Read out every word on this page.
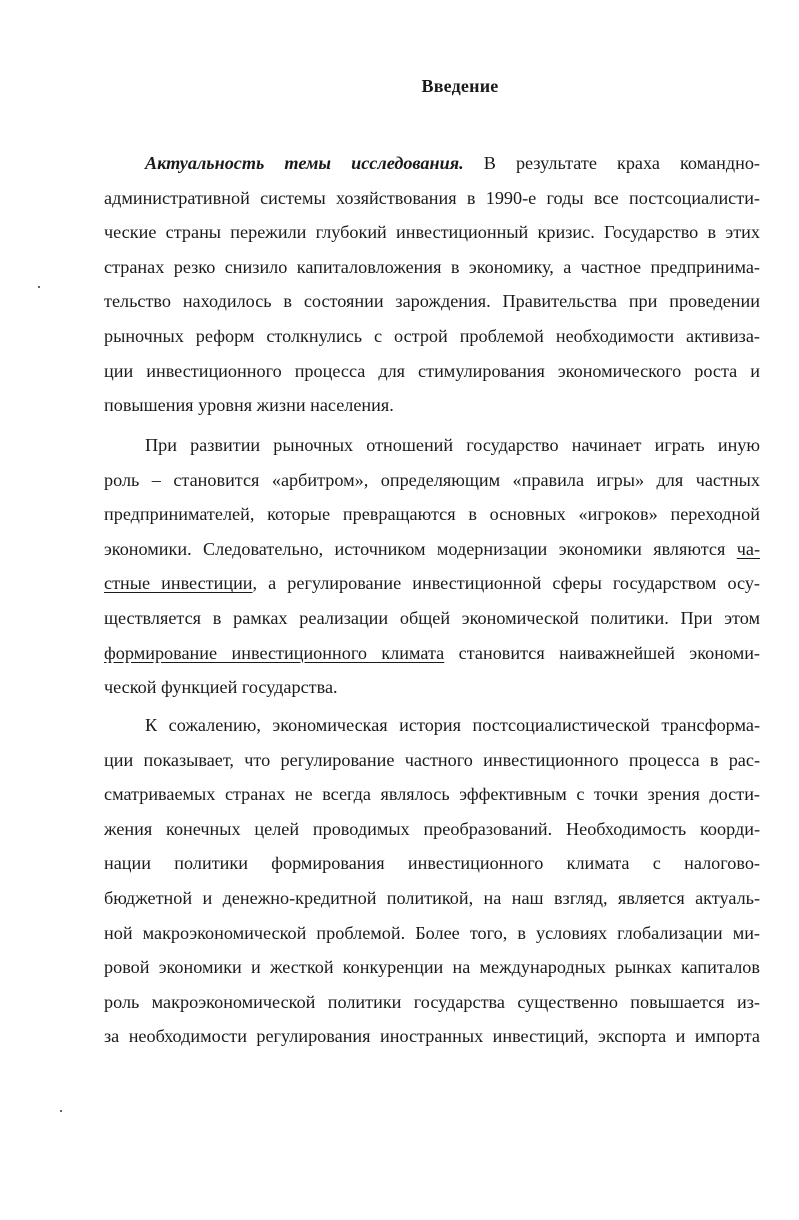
Введение
Актуальность темы исследования. В результате краха командно-
административной системы хозяйствования в 1990-е годы все постсоциалисти-
ческие страны пережили глубокий инвестиционный кризис. Государство в этих
странах резко снизило капиталовложения в экономику, а частное предпринима-
тельство находилось в состоянии зарождения. Правительства при проведении
рыночных реформ столкнулись с острой проблемой необходимости активиза-
ции инвестиционного процесса для стимулирования экономического роста и
повышения уровня жизни населения.
При развитии рыночных отношений государство начинает играть иную
роль – становится «арбитром», определяющим «правила игры» для частных
предпринимателей, которые превращаются в основных «игроков» переходной
экономики. Следовательно, источником модернизации экономики являются ча-
стные инвестиции, а регулирование инвестиционной сферы государством осу-
ществляется в рамках реализации общей экономической политики. При этом
формирование инвестиционного климата становится наиважнейшей экономи-
ческой функцией государства.
К сожалению, экономическая история постсоциалистической трансформа-
ции показывает, что регулирование частного инвестиционного процесса в рас-
сматриваемых странах не всегда являлось эффективным с точки зрения дости-
жения конечных целей проводимых преобразований. Необходимость коорди-
нации политики формирования инвестиционного климата с налогово-
бюджетной и денежно-кредитной политикой, на наш взгляд, является актуаль-
ной макроэкономической проблемой. Более того, в условиях глобализации ми-
ровой экономики и жесткой конкуренции на международных рынках капиталов
роль макроэкономической политики государства существенно повышается из-
за необходимости регулирования иностранных инвестиций, экспорта и импорта
